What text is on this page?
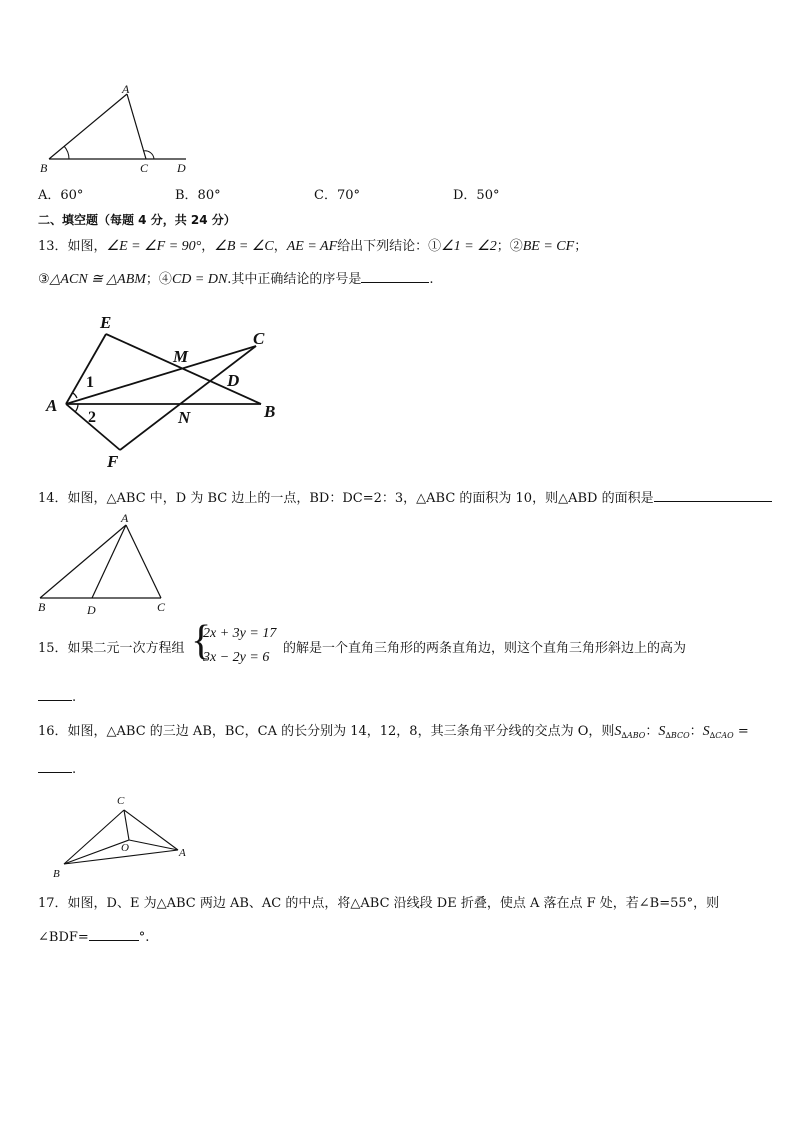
A
B	C D
A．60°	B．80°	C．70°	D．50°
二、填空题（每题 4 分，共 24 分）
13．如图，∠E = ∠F = 90°，∠B = ∠C，AE = AF给出下列结论：①∠1 = ∠2；②BE = CF；
③△ACN ≅ △ABM；④CD = DN.其中正确结论的序号是	.
E
M
C
1	D
A
2	N	B
F
14．如图，△ABC 中，D 为 BC 边上的一点，BD：DC=2：3，△ABC 的面积为 10，则△ABD 的面积是
A
B	D	C
15．如果二元一次方程组 {
2x + 3y = 17
3x − 2y = 6
的解是一个直角三角形的两条直角边，则这个直角三角形斜边上的高为
.
16．如图，△ABC 的三边 AB，BC，CA 的长分别为 14，12，8，其三条角平分线的交点为 O，则$S_{\Delta ABO}$：$S_{\Delta BCO}$：$S_{\Delta CAO}$ =
.
C
O
B
A
17．如图，D、E 为△ABC 两边 AB、AC 的中点，将△ABC 沿线段 DE 折叠，使点 A 落在点 F 处，若∠B=55°，则
∠BDF=	°.
